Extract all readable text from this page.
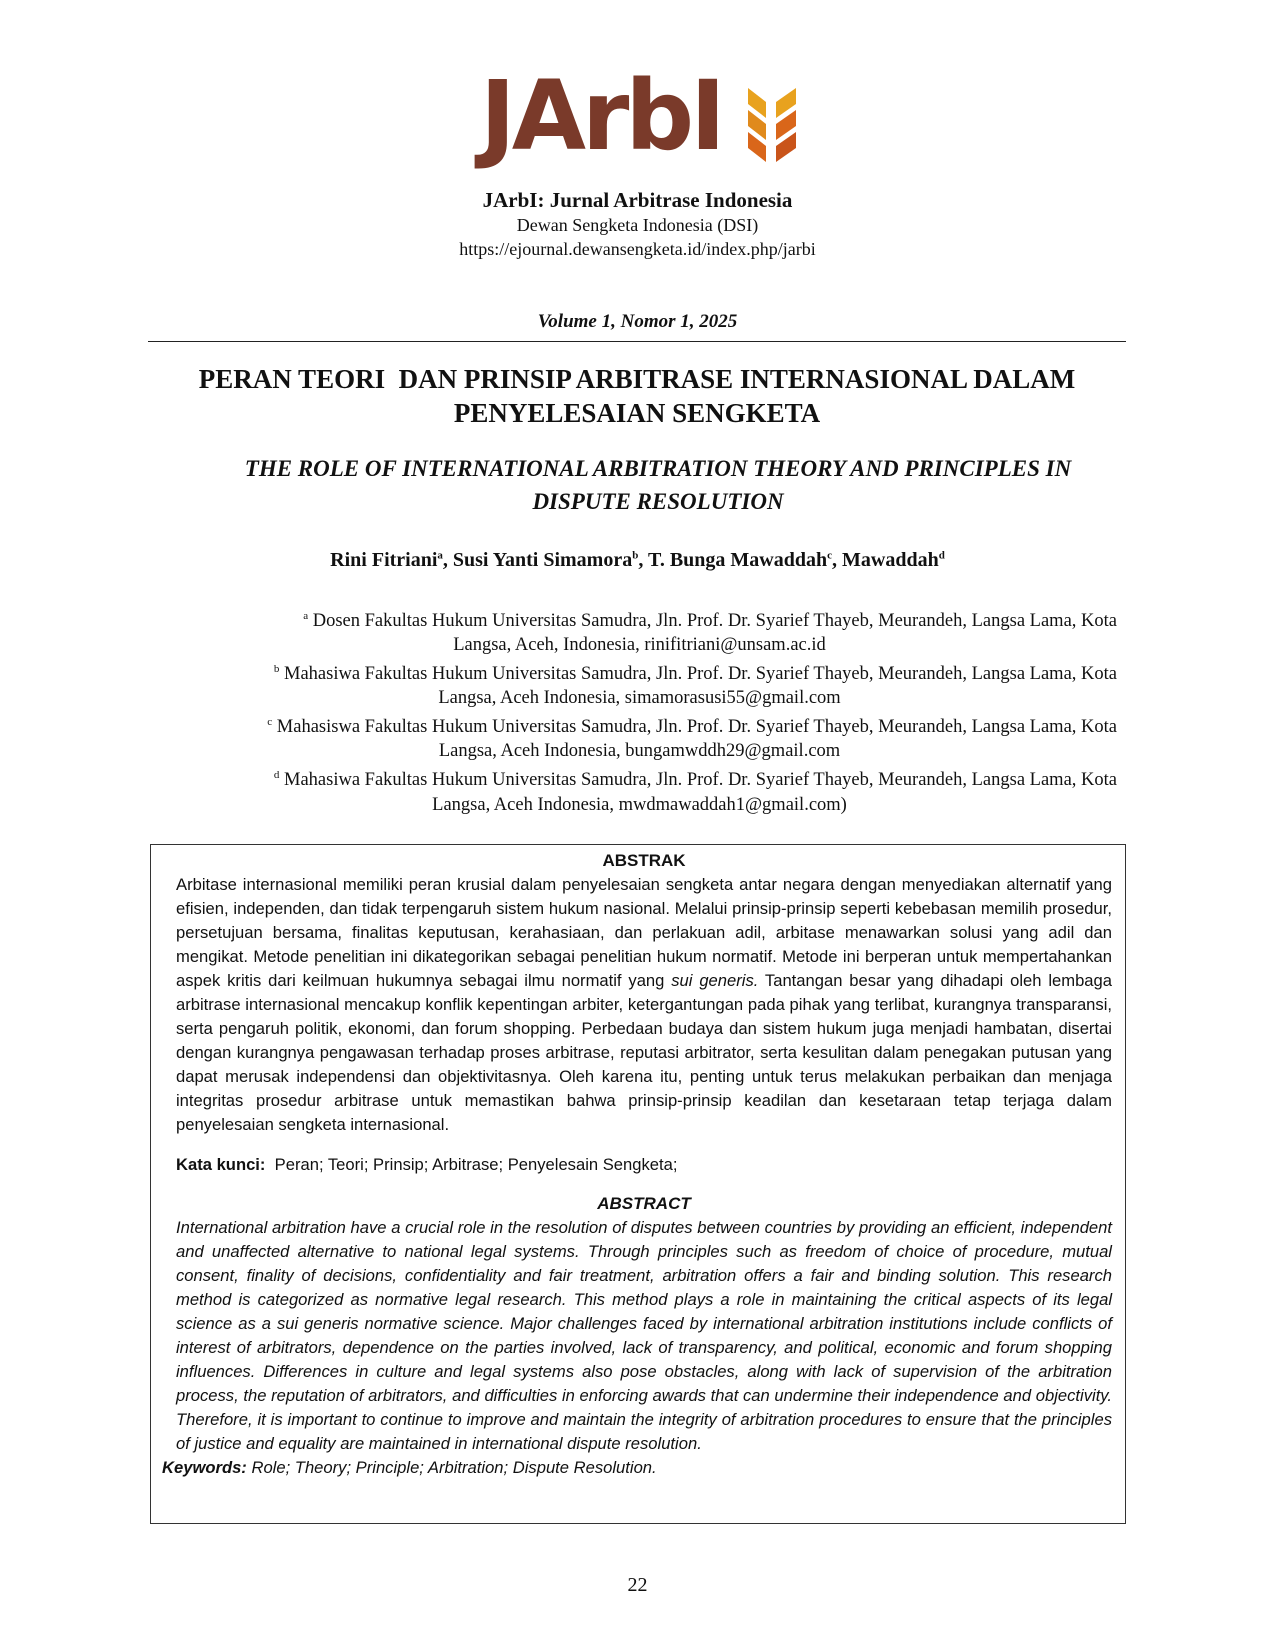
JArbI
JArbI: Jurnal Arbitrase Indonesia
Dewan Sengketa Indonesia (DSI)
https://ejournal.dewansengketa.id/index.php/jarbi
Volume 1, Nomor 1, 2025
PERAN TEORI  DAN PRINSIP ARBITRASE INTERNASIONAL DALAM
PENYELESAIAN SENGKETA
THE ROLE OF INTERNATIONAL ARBITRATION THEORY AND PRINCIPLES IN
DISPUTE RESOLUTION
Rini Fitriani$^a$, Susi Yanti Simamora$^b$, T. Bunga Mawaddah$^c$, Mawaddah$^d$
$^a$ Dosen Fakultas Hukum Universitas Samudra, Jln. Prof. Dr. Syarief Thayeb, Meurandeh, Langsa Lama, Kota
Langsa, Aceh, Indonesia, rinifitriani@unsam.ac.id
$^b$ Mahasiwa Fakultas Hukum Universitas Samudra, Jln. Prof. Dr. Syarief Thayeb, Meurandeh, Langsa Lama, Kota
Langsa, Aceh Indonesia, simamorasusi55@gmail.com
$^c$ Mahasiswa Fakultas Hukum Universitas Samudra, Jln. Prof. Dr. Syarief Thayeb, Meurandeh, Langsa Lama, Kota
Langsa, Aceh Indonesia, bungamwddh29@gmail.com
$^d$ Mahasiwa Fakultas Hukum Universitas Samudra, Jln. Prof. Dr. Syarief Thayeb, Meurandeh, Langsa Lama, Kota
Langsa, Aceh Indonesia, mwdmawaddah1@gmail.com)
ABSTRAK

Arbitase internasional memiliki peran krusial dalam penyelesaian sengketa antar negara dengan menyediakan alternatif yang efisien, independen, dan tidak terpengaruh sistem hukum nasional. Melalui prinsip-prinsip seperti kebebasan memilih prosedur, persetujuan bersama, finalitas keputusan, kerahasiaan, dan perlakuan adil, arbitase menawarkan solusi yang adil dan mengikat. Metode penelitian ini dikategorikan sebagai penelitian hukum normatif. Metode ini berperan untuk mempertahankan aspek kritis dari keilmuan hukumnya sebagai ilmu normatif yang sui generis. Tantangan besar yang dihadapi oleh lembaga arbitrase internasional mencakup konflik kepentingan arbiter, ketergantungan pada pihak yang terlibat, kurangnya transparansi, serta pengaruh politik, ekonomi, dan forum shopping. Perbedaan budaya dan sistem hukum juga menjadi hambatan, disertai dengan kurangnya pengawasan terhadap proses arbitrase, reputasi arbitrator, serta kesulitan dalam penegakan putusan yang dapat merusak independensi dan objektivitasnya. Oleh karena itu, penting untuk terus melakukan perbaikan dan menjaga integritas prosedur arbitrase untuk memastikan bahwa prinsip-prinsip keadilan dan kesetaraan tetap terjaga dalam penyelesaian sengketa internasional.

Kata kunci:  Peran; Teori; Prinsip; Arbitrase; Penyelesain Sengketa;
ABSTRACT

International arbitration have a crucial role in the resolution of disputes between countries by providing an efficient, independent and unaffected alternative to national legal systems. Through principles such as freedom of choice of procedure, mutual consent, finality of decisions, confidentiality and fair treatment, arbitration offers a fair and binding solution. This research method is categorized as normative legal research. This method plays a role in maintaining the critical aspects of its legal science as a sui generis normative science. Major challenges faced by international arbitration institutions include conflicts of interest of arbitrators, dependence on the parties involved, lack of transparency, and political, economic and forum shopping influences. Differences in culture and legal systems also pose obstacles, along with lack of supervision of the arbitration process, the reputation of arbitrators, and difficulties in enforcing awards that can undermine their independence and objectivity. Therefore, it is important to continue to improve and maintain the integrity of arbitration procedures to ensure that the principles of justice and equality are maintained in international dispute resolution.

Keywords: Role; Theory; Principle; Arbitration; Dispute Resolution.
22
